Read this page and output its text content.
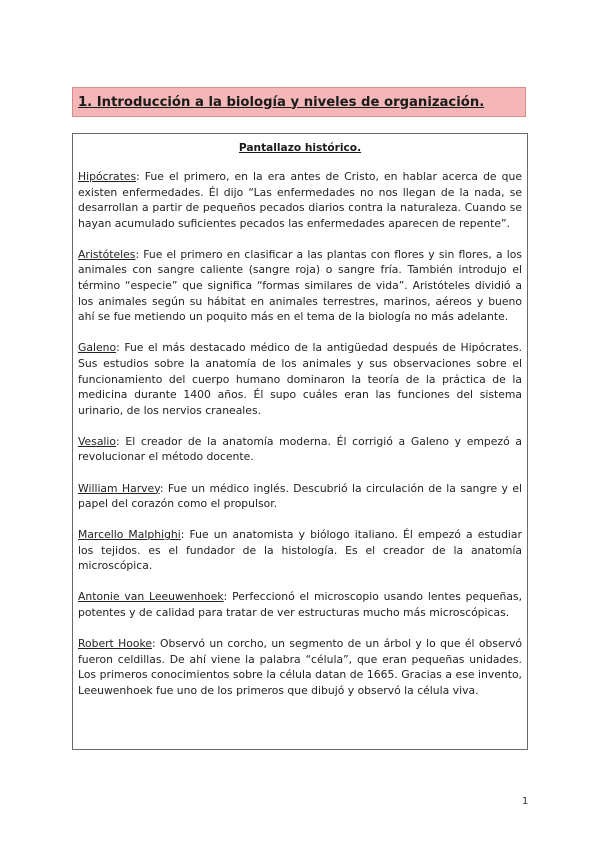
1. Introducción a la biología y niveles de organización.
Pantallazo histórico.

Hipócrates: Fue el primero, en la era antes de Cristo, en hablar acerca de que existen enfermedades. Él dijo “Las enfermedades no nos llegan de la nada, se desarrollan a partir de pequeños pecados diarios contra la naturaleza. Cuando se hayan acumulado suficientes pecados las enfermedades aparecen de repente”.

Aristóteles: Fue el primero en clasificar a las plantas con flores y sin flores, a los animales con sangre caliente (sangre roja) o sangre fría. También introdujo el término “especie” que significa “formas similares de vida”. Aristóteles dividió a los animales según su hábitat en animales terrestres, marinos, aéreos y bueno ahí se fue metiendo un poquito más en el tema de la biología no más adelante.

Galeno: Fue el más destacado médico de la antigüedad después de Hipócrates. Sus estudios sobre la anatomía de los animales y sus observaciones sobre el funcionamiento del cuerpo humano dominaron la teoría de la práctica de la medicina durante 1400 años. Él supo cuáles eran las funciones del sistema urinario, de los nervios craneales.

Vesalio: El creador de la anatomía moderna. Él corrigió a Galeno y empezó a revolucionar el método docente.

William Harvey: Fue un médico inglés. Descubrió la circulación de la sangre y el papel del corazón como el propulsor.

Marcello Malphighi: Fue un anatomista y biólogo italiano. Él empezó a estudiar los tejidos. es el fundador de la histología. Es el creador de la anatomía microscópica.

Antonie van Leeuwenhoek: Perfeccionó el microscopio usando lentes pequeñas, potentes y de calidad para tratar de ver estructuras mucho más microscópicas.

Robert Hooke: Observó un corcho, un segmento de un árbol y lo que él observó fueron celdillas. De ahí viene la palabra “célula”, que eran pequeñas unidades. Los primeros conocimientos sobre la célula datan de 1665. Gracias a ese invento, Leeuwenhoek fue uno de los primeros que dibujó y observó la célula viva.

1
